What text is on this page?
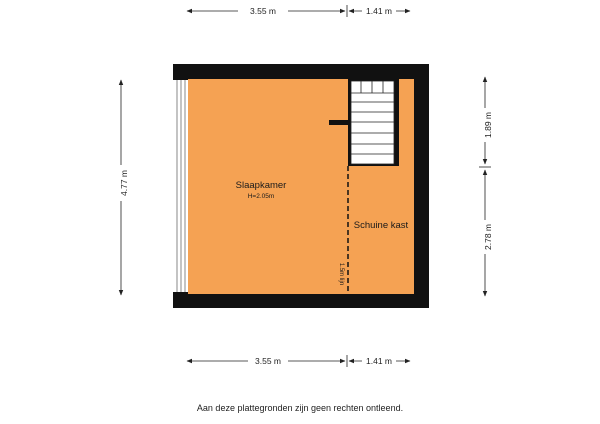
3.55 m	1.41 m
3.55 m	1.41 m
4.77 m
1.89 m
2.78 m
Slaapkamer
H=2.05m
Schuine kast
1.5m lijn
Aan deze plattegronden zijn geen rechten ontleend.
